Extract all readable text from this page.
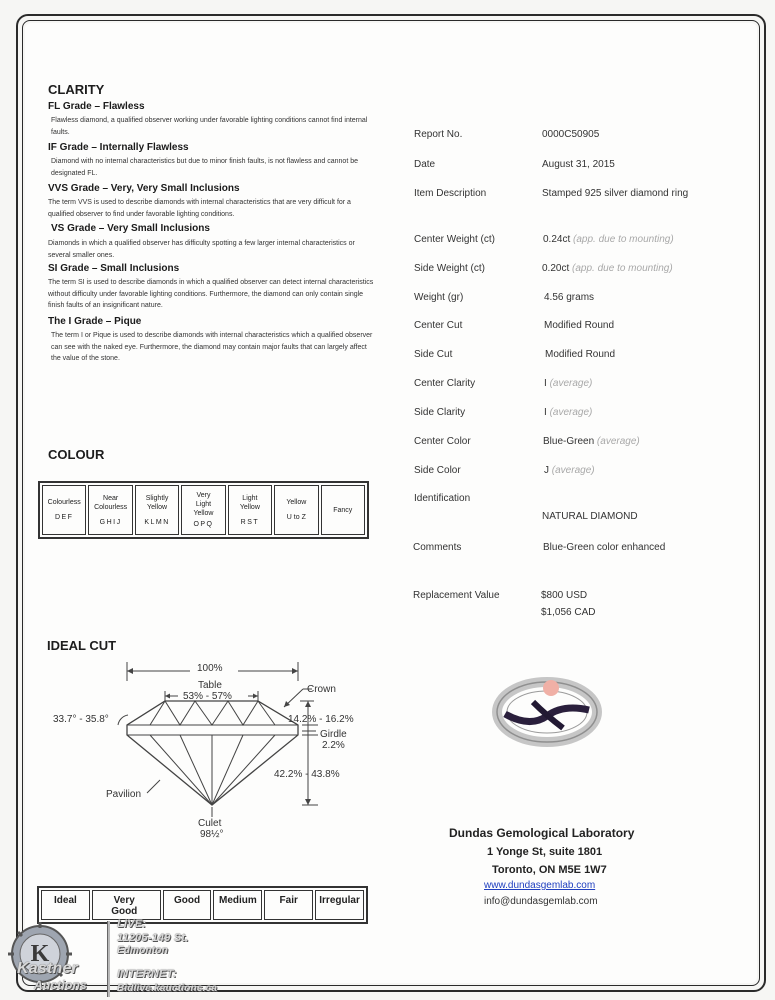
CLARITY
FL Grade – Flawless
Flawless diamond, a qualified observer working under favorable lighting conditions cannot find internal faults.
IF Grade – Internally Flawless
Diamond with no internal characteristics but due to minor finish faults, is not flawless and cannot be designated FL.
VVS Grade – Very, Very Small Inclusions
The term VVS is used to describe diamonds with internal characteristics that are very difficult for a qualified observer to find under favorable lighting conditions.
VS Grade – Very Small Inclusions
Diamonds in which a qualified observer has difficulty spotting a few larger internal characteristics or several smaller ones.
SI Grade – Small Inclusions
The term SI is used to describe diamonds in which a qualified observer can detect internal characteristics without difficulty under favorable lighting conditions. Furthermore, the diamond can only contain single finish faults of an insignificant nature.
The I Grade – Pique
The term I or Pique is used to describe diamonds with internal characteristics which a qualified observer can see with the naked eye. Furthermore, the diamond may contain major faults that can largely affect the value of the stone.
COLOUR
Colourless
DEF
Near Colourless
GHIJ
Slightly Yellow
KLMN
Very Light Yellow
OPQ
Light Yellow
RST
Yellow
U to Z
Fancy
IDEAL CUT
100%
Table
53% - 57%
Crown
33.7° - 35.8°	14.2% - 16.2%
Girdle
2.2%
42.2% - 43.8%
Pavilion
Culet
98½°
Ideal	Very Good
Good	Medium	Fair	Irregular
Report No.	0000C50905
Date	August 31, 2015
Item Description	Stamped 925 silver diamond ring
Center Weight (ct)	0.24ct (app. due to mounting)
Side Weight (ct)	0.20ct (app. due to mounting)
Weight (gr)	4.56 grams
Center Cut	Modified Round
Side Cut	Modified Round
Center Clarity	I (average)
Side Clarity	I (average)
Center Color	Blue-Green (average)
Side Color	J (average)
Identification
NATURAL DIAMOND
Comments	Blue-Green color enhanced
Replacement Value	$800 USD
$1,056 CAD
Dundas Gemological Laboratory
1 Yonge St, suite 1801
Toronto, ON M5E 1W7
www.dundasgemlab.com
info@dundasgemlab.com
K
Kastner
Auctions
LIVE:
11205-149 St.
Edmonton
INTERNET:
Bidlive.kauctions.ca
